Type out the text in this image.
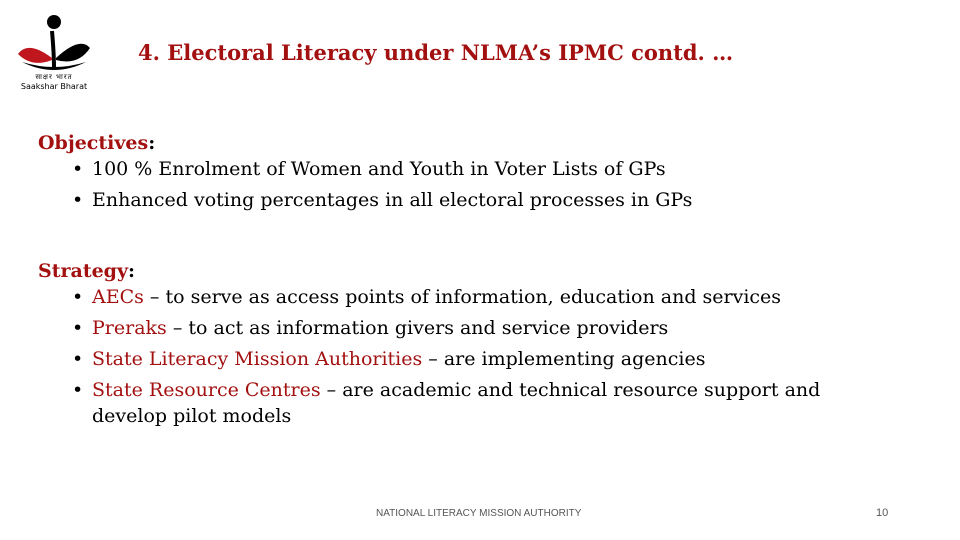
साक्षर भारत
Saakshar Bharat
4. Electoral Literacy under NLMA’s IPMC contd. …
Objectives:
• 100 % Enrolment of Women and Youth in Voter Lists of GPs
• Enhanced voting percentages in all electoral processes in GPs
Strategy:
• AECs – to serve as access points of information, education and services
• Preraks – to act as information givers and service providers
• State Literacy Mission Authorities – are implementing agencies
• State Resource Centres – are academic and technical resource support and develop pilot models
NATIONAL LITERACY MISSION AUTHORITY	10
